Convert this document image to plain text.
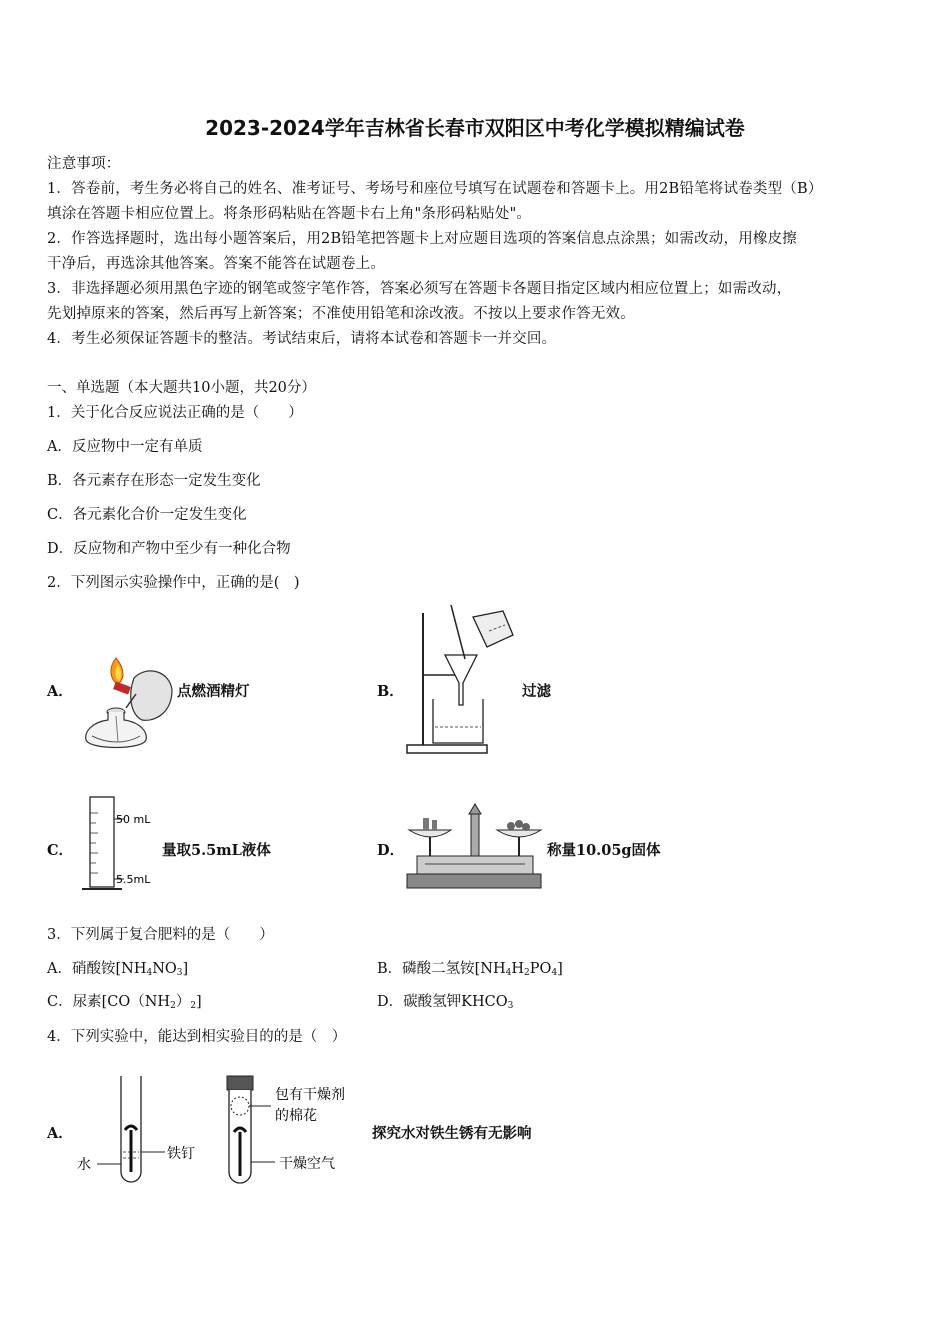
2023-2024学年吉林省长春市双阳区中考化学模拟精编试卷
注意事项：
1．答卷前，考生务必将自己的姓名、准考证号、考场号和座位号填写在试题卷和答题卡上。用2B铅笔将试卷类型（B）
填涂在答题卡相应位置上。将条形码粘贴在答题卡右上角"条形码粘贴处"。
2．作答选择题时，选出每小题答案后，用2B铅笔把答题卡上对应题目选项的答案信息点涂黑；如需改动，用橡皮擦
干净后，再选涂其他答案。答案不能答在试题卷上。
3．非选择题必须用黑色字迹的钢笔或签字笔作答，答案必须写在答题卡各题目指定区域内相应位置上；如需改动，
先划掉原来的答案，然后再写上新答案；不准使用铅笔和涂改液。不按以上要求作答无效。
4．考生必须保证答题卡的整洁。考试结束后，请将本试卷和答题卡一并交回。
一、单选题（本大题共10小题，共20分）
1．关于化合反应说法正确的是（　　）
A．反应物中一定有单质
B．各元素存在形态一定发生变化
C．各元素化合价一定发生变化
D．反应物和产物中至少有一种化合物
2．下列图示实验操作中，正确的是(　)
A．	点燃酒精灯	B．	过滤
C．
50 mL
5.5mL
量取5.5mL液体	D．	称量10.05g固体
3．下列属于复合肥料的是（　　）
A．硝酸铵$[NH_4NO_3]$	B．磷酸二氢铵$[NH_4H_2PO_4]$
C．尿素$[CO(NH_2)_2]$	D．碳酸氢钾$KHCO_3$
4．下列实验中，能达到相实验目的的是（　）
A．
水
铁钉
包有干燥剂
的棉花
干燥空气
探究水对铁生锈有无影响
